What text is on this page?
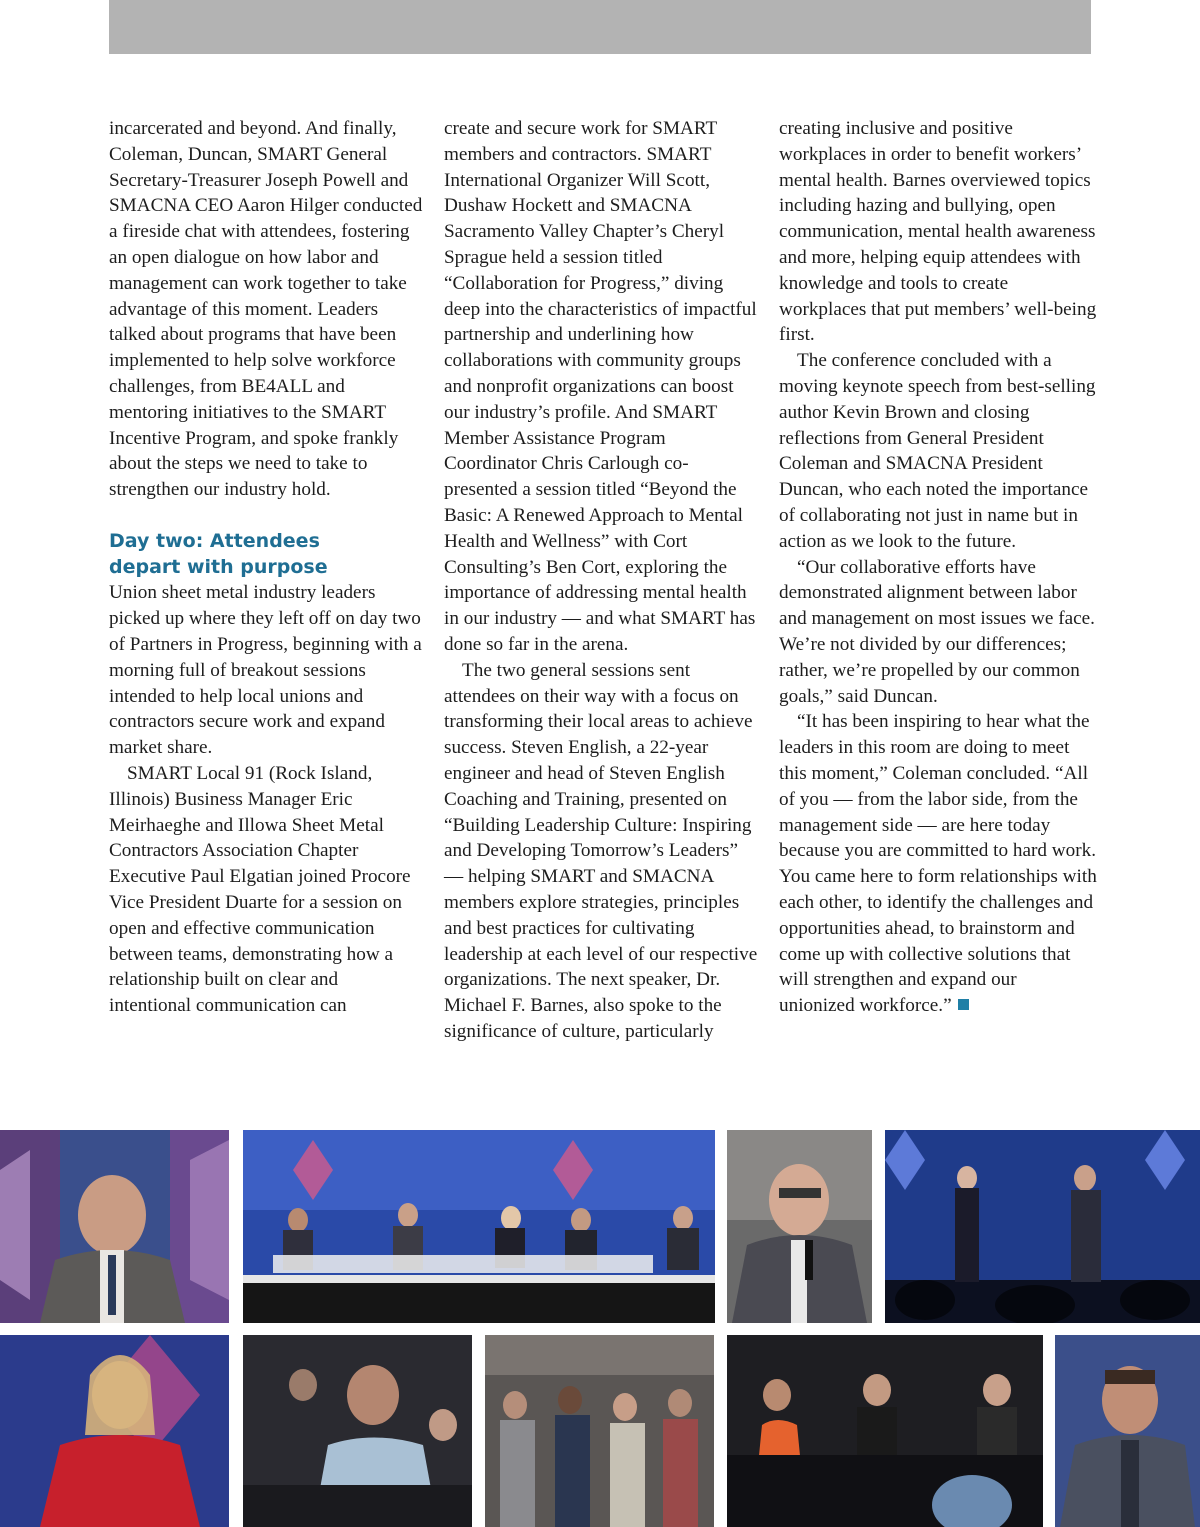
incarcerated and beyond. And finally, Coleman, Duncan, SMART General Secretary-Treasurer Joseph Powell and SMACNA CEO Aaron Hilger conducted a fireside chat with attendees, fostering an open dialogue on how labor and management can work together to take advantage of this moment. Leaders talked about programs that have been implemented to help solve workforce challenges, from BE4ALL and mentoring initiatives to the SMART Incentive Program, and spoke frankly about the steps we need to take to strengthen our industry hold.

Day two: Attendees

depart with purpose

Union sheet metal industry leaders picked up where they left off on day two of Partners in Progress, beginning with a morning full of breakout sessions intended to help local unions and contractors secure work and expand market share.

SMART Local 91 (Rock Island, Illinois) Business Manager Eric Meirhaeghe and Illowa Sheet Metal Contractors Association Chapter Executive Paul Elgatian joined Procore Vice President Duarte for a session on open and effective communication between teams, demonstrating how a relationship built on clear and intentional communication can

create and secure work for SMART members and contractors. SMART International Organizer Will Scott, Dushaw Hockett and SMACNA Sacramento Valley Chapter’s Cheryl Sprague held a session titled “Collaboration for Progress,” diving deep into the characteristics of impactful partnership and underlining how collaborations with community groups and nonprofit organizations can boost our industry’s profile. And SMART Member Assistance Program Coordinator Chris Carlough co-presented a session titled “Beyond the Basic: A Renewed Approach to Mental Health and Wellness” with Cort Consulting’s Ben Cort, exploring the importance of addressing mental health in our industry — and what SMART has done so far in the arena.

The two general sessions sent attendees on their way with a focus on transforming their local areas to achieve success. Steven English, a 22-year engineer and head of Steven English Coaching and Training, presented on “Building Leadership Culture: Inspiring and Developing Tomorrow’s Leaders” — helping SMART and SMACNA members explore strategies, principles and best practices for cultivating leadership at each level of our respective organizations. The next speaker, Dr. Michael F. Barnes, also spoke to the significance of culture, particularly

creating inclusive and positive workplaces in order to benefit workers’ mental health. Barnes overviewed topics including hazing and bullying, open communication, mental health awareness and more, helping equip attendees with knowledge and tools to create workplaces that put members’ well-being first.

The conference concluded with a moving keynote speech from best-selling author Kevin Brown and closing reflections from General President Coleman and SMACNA President Duncan, who each noted the importance of collaborating not just in name but in action as we look to the future.

“Our collaborative efforts have demonstrated alignment between labor and management on most issues we face. We’re not divided by our differences; rather, we’re propelled by our common goals,” said Duncan.

“It has been inspiring to hear what the leaders in this room are doing to meet this moment,” Coleman concluded. “All of you — from the labor side, from the management side — are here today because you are committed to hard work. You came here to form relationships with each other, to identify the challenges and opportunities ahead, to brainstorm and come up with collective solutions that will strengthen and expand our unionized workforce.”
